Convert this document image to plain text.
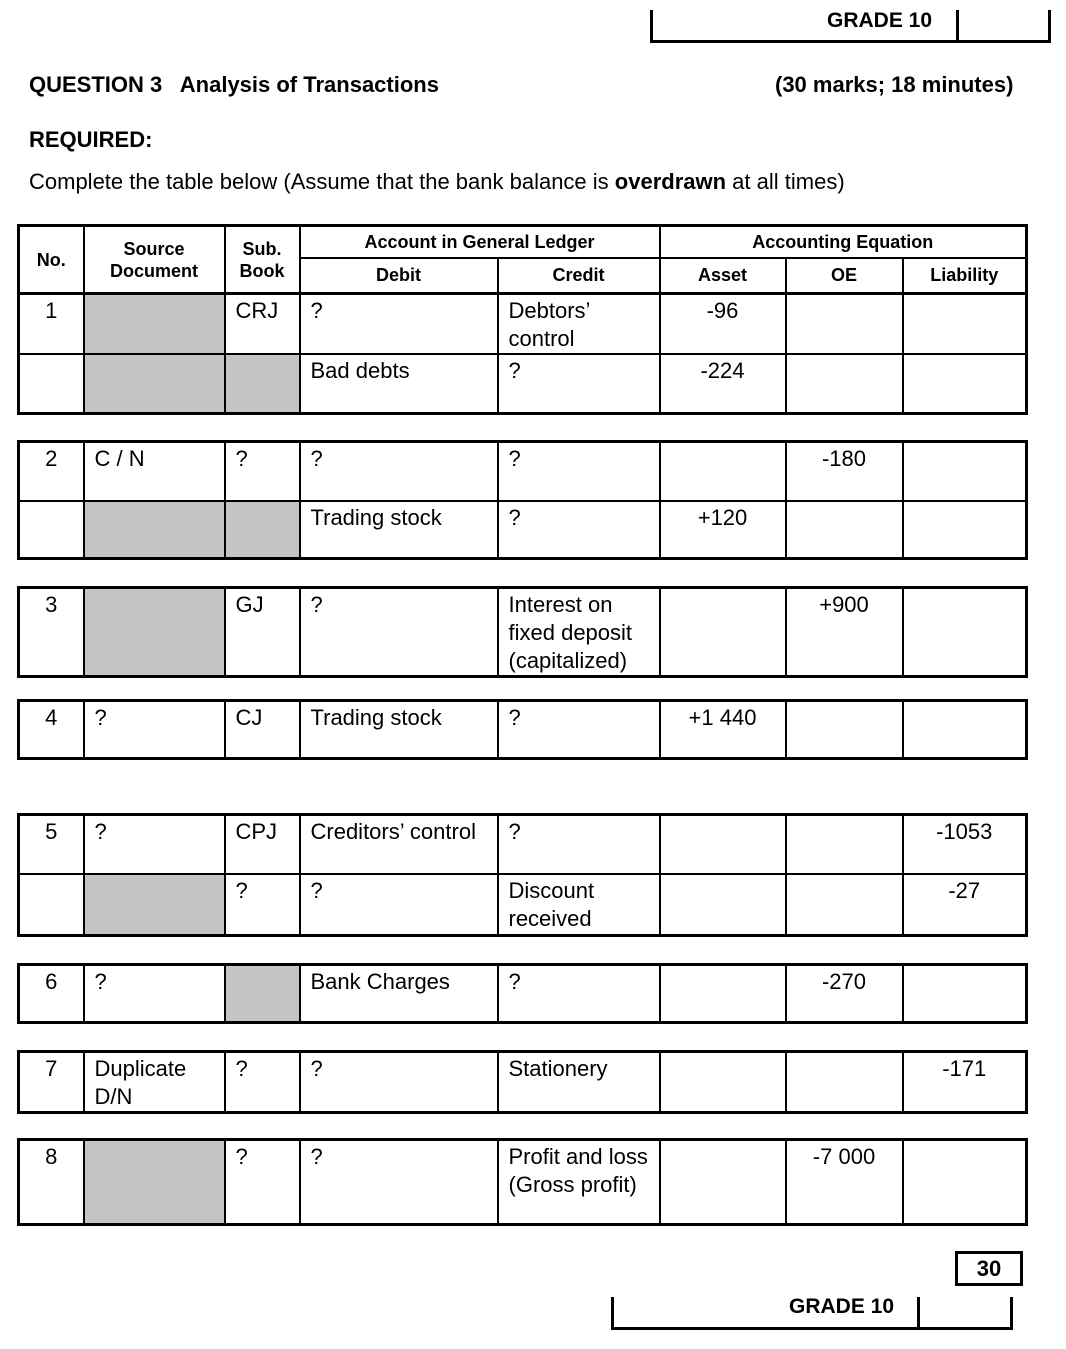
GRADE 10
QUESTION 3   Analysis of Transactions	(30 marks; 18 minutes)
REQUIRED:
Complete the table below (Assume that the bank balance is overdrawn at all times)
No.	Source Document	Sub. Book	Account in General Ledger		Accounting Equation		
			Debit	Credit	Asset	OE	Liability
1		CRJ	?	Debtors’ control	-96		
			Bad debts	?	-224		
2	C / N	?	?	?		-180	
			Trading stock	?	+120		
3		GJ	?	Interest on fixed deposit (capitalized)		+900	
4	?	CJ	Trading stock	?	+1 440		
5	?	CPJ	Creditors’ control	?			-1053
		?	?	Discount received			-27
6	?		Bank Charges	?		-270	
7	Duplicate D/N	?	?	Stationery			-171
8		?	?	Profit and loss (Gross profit)		-7 000	
30
GRADE 10
